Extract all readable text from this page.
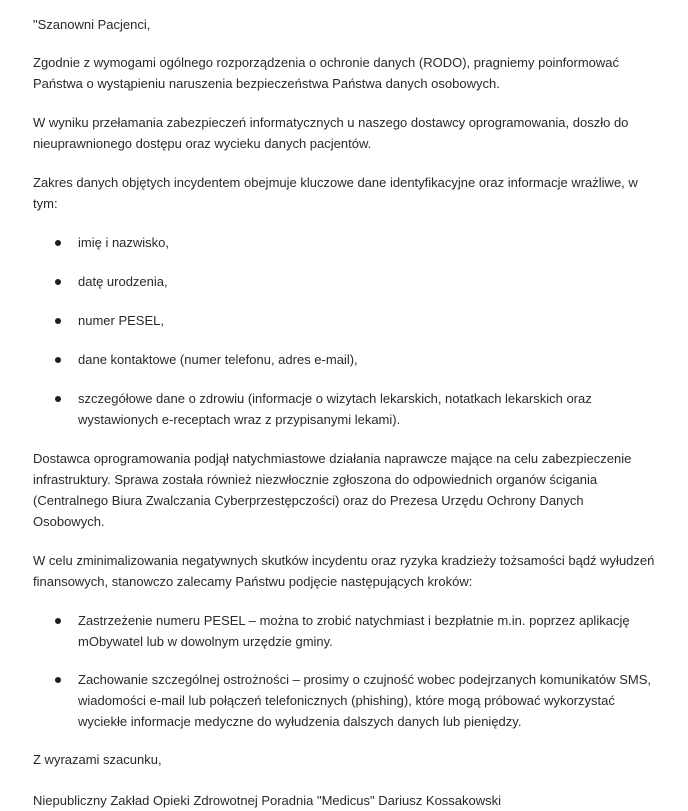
"Szanowni Pacjenci,

Zgodnie z wymogami ogólnego rozporządzenia o ochronie danych (RODO), pragniemy poinformować Państwa o wystąpieniu naruszenia bezpieczeństwa Państwa danych osobowych.

W wyniku przełamania zabezpieczeń informatycznych u naszego dostawcy oprogramowania, doszło do nieuprawnionego dostępu oraz wycieku danych pacjentów.

Zakres danych objętych incydentem obejmuje kluczowe dane identyfikacyjne oraz informacje wrażliwe, w tym:

imię i nazwisko,
datę urodzenia,
numer PESEL,
dane kontaktowe (numer telefonu, adres e-mail),
szczegółowe dane o zdrowiu (informacje o wizytach lekarskich, notatkach lekarskich oraz wystawionych e-receptach wraz z przypisanymi lekami).

Dostawca oprogramowania podjął natychmiastowe działania naprawcze mające na celu zabezpieczenie infrastruktury. Sprawa została również niezwłocznie zgłoszona do odpowiednich organów ścigania (Centralnego Biura Zwalczania Cyberprzestępczości) oraz do Prezesa Urzędu Ochrony Danych Osobowych.

W celu zminimalizowania negatywnych skutków incydentu oraz ryzyka kradzieży tożsamości bądź wyłudzeń finansowych, stanowczo zalecamy Państwu podjęcie następujących kroków:

Zastrzeżenie numeru PESEL – można to zrobić natychmiast i bezpłatnie m.in. poprzez aplikację mObywatel lub w dowolnym urzędzie gminy.
Zachowanie szczególnej ostrożności – prosimy o czujność wobec podejrzanych komunikatów SMS, wiadomości e-mail lub połączeń telefonicznych (phishing), które mogą próbować wykorzystać wyciekłe informacje medyczne do wyłudzenia dalszych danych lub pieniędzy.

Z wyrazami szacunku,

Niepubliczny Zakład Opieki Zdrowotnej Poradnia "Medicus" Dariusz Kossakowski
